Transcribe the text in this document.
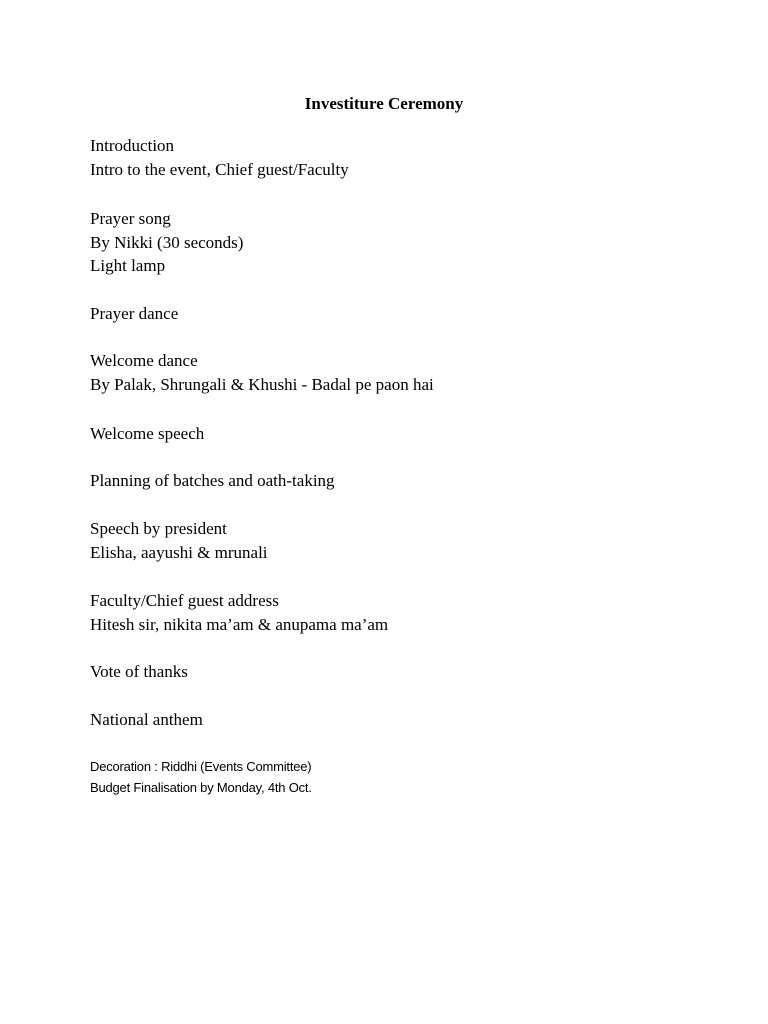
Investiture Ceremony
Introduction
Intro to the event, Chief guest/Faculty
Prayer song
By Nikki (30 seconds)
Light lamp
Prayer dance
Welcome dance
By Palak, Shrungali & Khushi - Badal pe paon hai
Welcome speech
Planning of batches and oath-taking
Speech by president
Elisha, aayushi & mrunali
Faculty/Chief guest address
Hitesh sir, nikita ma’am & anupama ma’am
Vote of thanks
National anthem
Decoration : Riddhi (Events Committee)
Budget Finalisation by Monday, 4th Oct.
